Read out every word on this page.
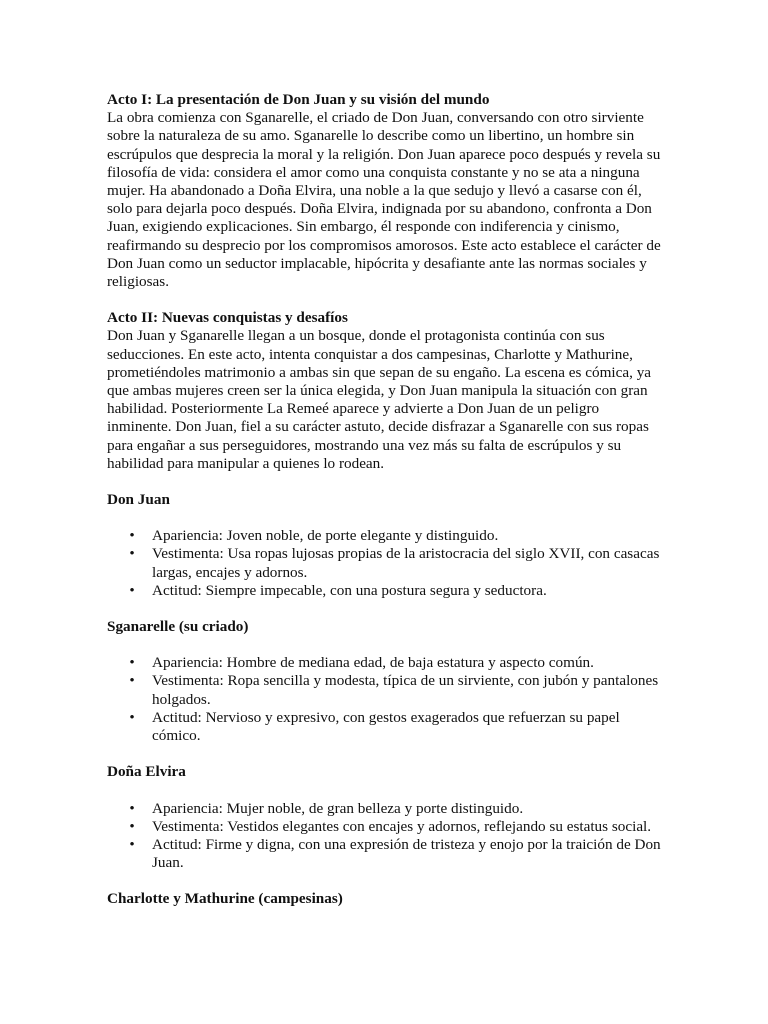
Acto I: La presentación de Don Juan y su visión del mundo

La obra comienza con Sganarelle, el criado de Don Juan, conversando con otro sirviente sobre la naturaleza de su amo. Sganarelle lo describe como un libertino, un hombre sin escrúpulos que desprecia la moral y la religión. Don Juan aparece poco después y revela su filosofía de vida: considera el amor como una conquista constante y no se ata a ninguna mujer. Ha abandonado a Doña Elvira, una noble a la que sedujo y llevó a casarse con él, solo para dejarla poco después. Doña Elvira, indignada por su abandono, confronta a Don Juan, exigiendo explicaciones. Sin embargo, él responde con indiferencia y cinismo, reafirmando su desprecio por los compromisos amorosos. Este acto establece el carácter de Don Juan como un seductor implacable, hipócrita y desafiante ante las normas sociales y religiosas.

Acto II: Nuevas conquistas y desafíos

Don Juan y Sganarelle llegan a un bosque, donde el protagonista continúa con sus seducciones. En este acto, intenta conquistar a dos campesinas, Charlotte y Mathurine, prometiéndoles matrimonio a ambas sin que sepan de su engaño. La escena es cómica, ya que ambas mujeres creen ser la única elegida, y Don Juan manipula la situación con gran habilidad. Posteriormente La Remeé aparece y advierte a Don Juan de un peligro inminente. Don Juan, fiel a su carácter astuto, decide disfrazar a Sganarelle con sus ropas para engañar a sus perseguidores, mostrando una vez más su falta de escrúpulos y su habilidad para manipular a quienes lo rodean.

Don Juan

• Apariencia: Joven noble, de porte elegante y distinguido.
• Vestimenta: Usa ropas lujosas propias de la aristocracia del siglo XVII, con casacas largas, encajes y adornos.
• Actitud: Siempre impecable, con una postura segura y seductora.

Sganarelle (su criado)

• Apariencia: Hombre de mediana edad, de baja estatura y aspecto común.
• Vestimenta: Ropa sencilla y modesta, típica de un sirviente, con jubón y pantalones holgados.
• Actitud: Nervioso y expresivo, con gestos exagerados que refuerzan su papel cómico.

Doña Elvira

• Apariencia: Mujer noble, de gran belleza y porte distinguido.
• Vestimenta: Vestidos elegantes con encajes y adornos, reflejando su estatus social.
• Actitud: Firme y digna, con una expresión de tristeza y enojo por la traición de Don Juan.

Charlotte y Mathurine (campesinas)
